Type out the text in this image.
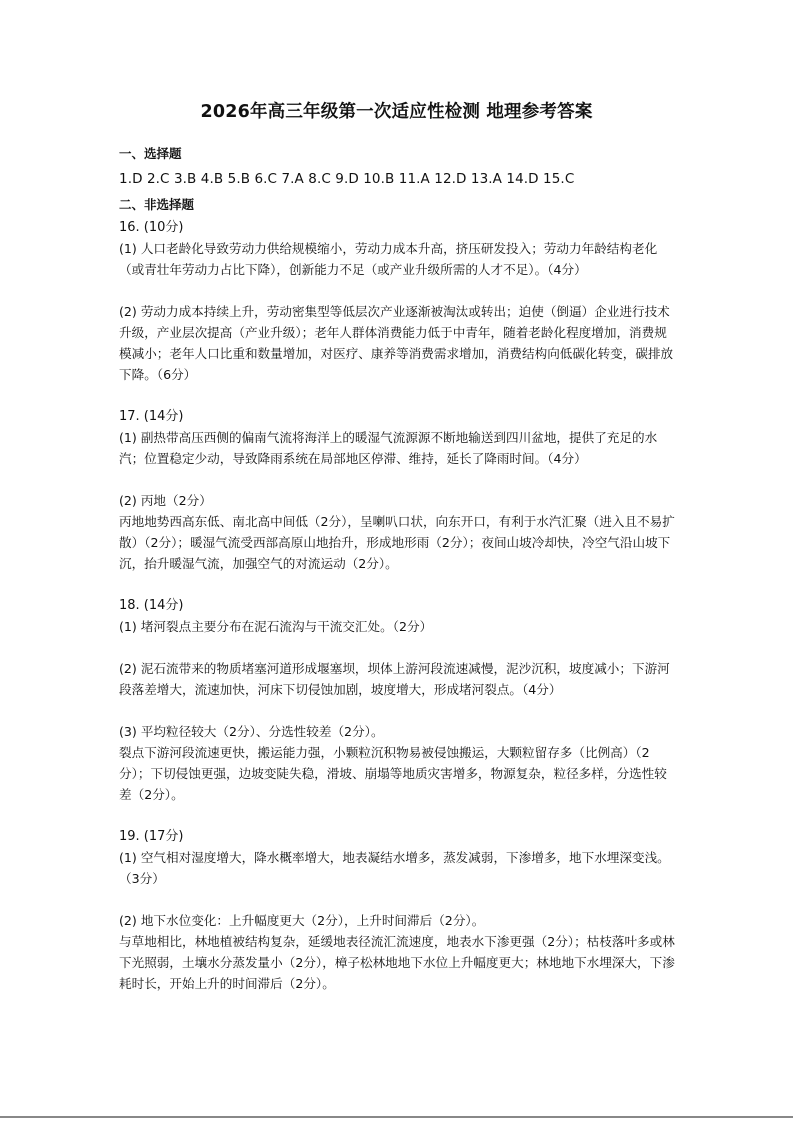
2026年高三年级第一次适应性检测 地理参考答案
一、选择题
1.D 2.C 3.B 4.B 5.B 6.C 7.A 8.C 9.D 10.B 11.A 12.D 13.A 14.D 15.C
二、非选择题
16. (10分)

(1) 人口老龄化导致劳动力供给规模缩小，劳动力成本升高，挤压研发投入；劳动力年龄结构老化（或青壮年劳动力占比下降），创新能力不足（或产业升级所需的人才不足）。（4分）

(2) 劳动力成本持续上升，劳动密集型等低层次产业逐渐被淘汰或转出；迫使（倒逼）企业进行技术升级，产业层次提高（产业升级）；老年人群体消费能力低于中青年，随着老龄化程度增加，消费规模减小；老年人口比重和数量增加，对医疗、康养等消费需求增加，消费结构向低碳化转变，碳排放下降。（6分）

17. (14分)

(1) 副热带高压西侧的偏南气流将海洋上的暖湿气流源源不断地输送到四川盆地，提供了充足的水汽；位置稳定少动，导致降雨系统在局部地区停滞、维持，延长了降雨时间。（4分）

(2) 丙地（2分）

丙地地势西高东低、南北高中间低（2分），呈喇叭口状，向东开口，有利于水汽汇聚（进入且不易扩散）（2分）；暖湿气流受西部高原山地抬升，形成地形雨（2分）；夜间山坡冷却快，冷空气沿山坡下沉，抬升暖湿气流，加强空气的对流运动（2分）。

18. (14分)

(1) 堵河裂点主要分布在泥石流沟与干流交汇处。（2分）

(2) 泥石流带来的物质堵塞河道形成堰塞坝，坝体上游河段流速减慢，泥沙沉积，坡度减小；下游河段落差增大，流速加快，河床下切侵蚀加剧，坡度增大，形成堵河裂点。（4分）

(3) 平均粒径较大（2分）、分选性较差（2分）。

裂点下游河段流速更快，搬运能力强，小颗粒沉积物易被侵蚀搬运，大颗粒留存多（比例高）（2分）；下切侵蚀更强，边坡变陡失稳，滑坡、崩塌等地质灾害增多，物源复杂，粒径多样，分选性较差（2分）。

19. (17分)

(1) 空气相对湿度增大，降水概率增大，地表凝结水增多，蒸发减弱，下渗增多，地下水埋深变浅。（3分）

(2) 地下水位变化：上升幅度更大（2分），上升时间滞后（2分）。

与草地相比，林地植被结构复杂，延缓地表径流汇流速度，地表水下渗更强（2分）；枯枝落叶多或林下光照弱，土壤水分蒸发量小（2分），樟子松林地地下水位上升幅度更大；林地地下水埋深大，下渗耗时长，开始上升的时间滞后（2分）。
